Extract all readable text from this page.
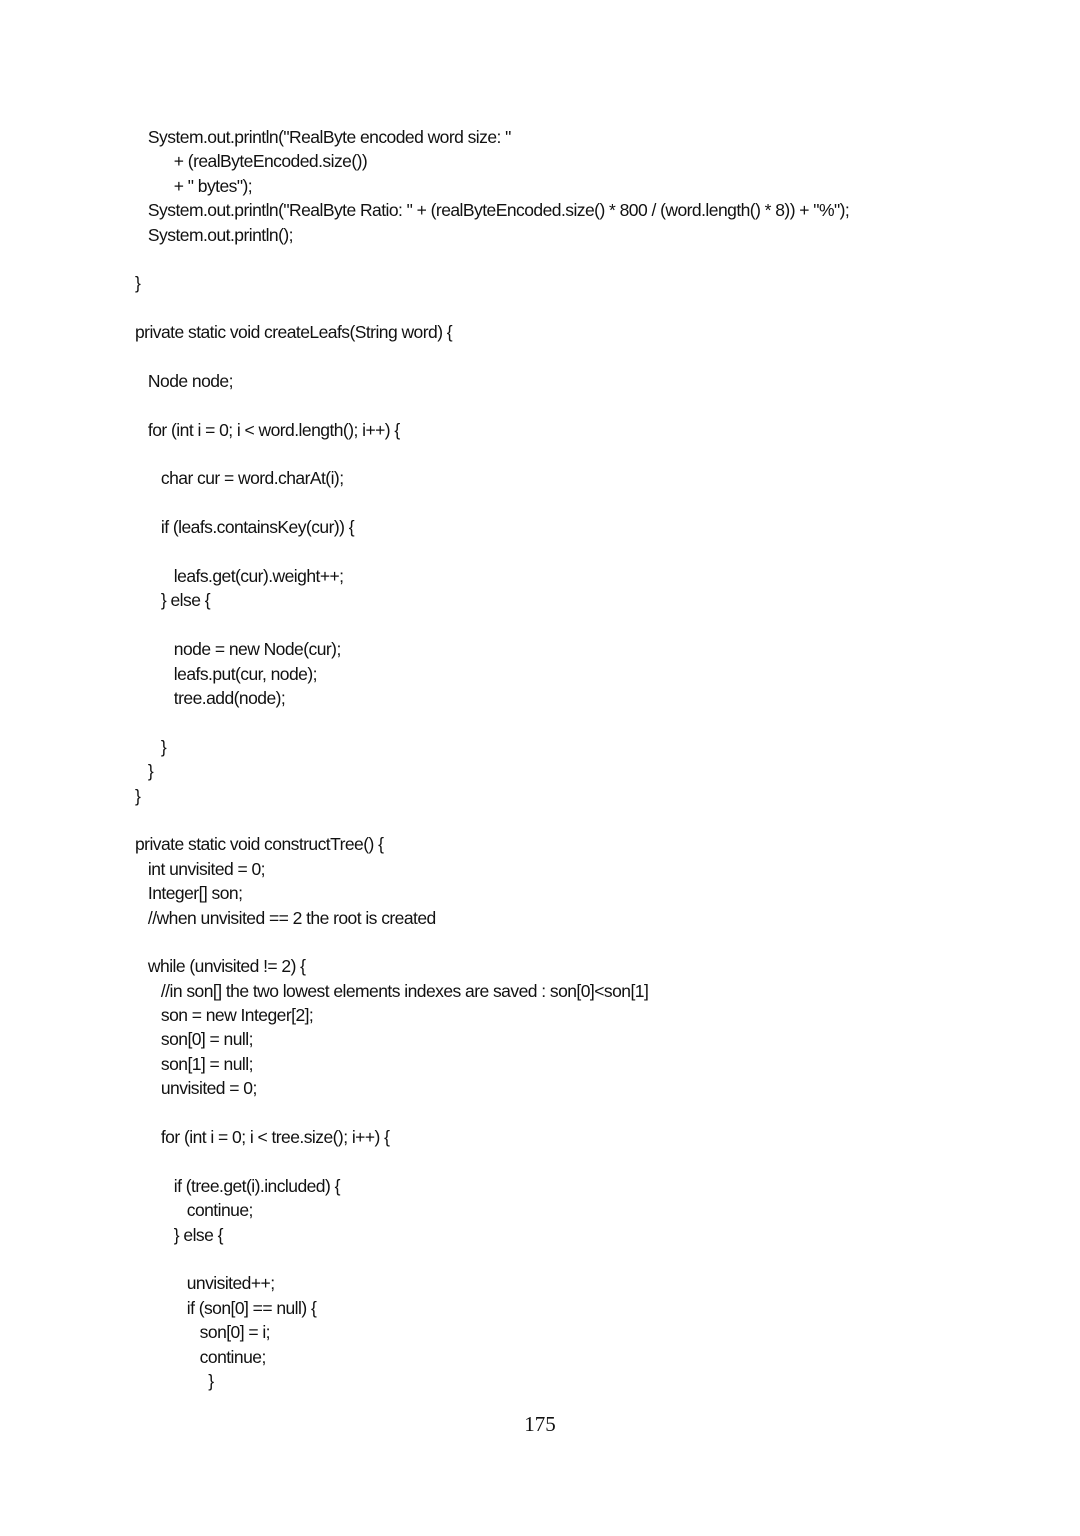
System.out.println("RealByte encoded word size: "
+ (realByteEncoded.size())
+ " bytes");
System.out.println("RealByte Ratio: " + (realByteEncoded.size() * 800 / (word.length() * 8)) + "%");
System.out.println();
}
private static void createLeafs(String word) {
Node node;
for (int i = 0; i < word.length(); i++) {
char cur = word.charAt(i);
if (leafs.containsKey(cur)) {
leafs.get(cur).weight++;
} else {
node = new Node(cur);
leafs.put(cur, node);
tree.add(node);
}
}
}
private static void constructTree() {
int unvisited = 0;
Integer[] son;
//when unvisited == 2 the root is created
while (unvisited != 2) {
//in son[] the two lowest elements indexes are saved : son[0]<son[1]
son = new Integer[2];
son[0] = null;
son[1] = null;
unvisited = 0;
for (int i = 0; i < tree.size(); i++) {
if (tree.get(i).included) {
continue;
} else {
unvisited++;
if (son[0] == null) {
son[0] = i;
continue;
}
175
